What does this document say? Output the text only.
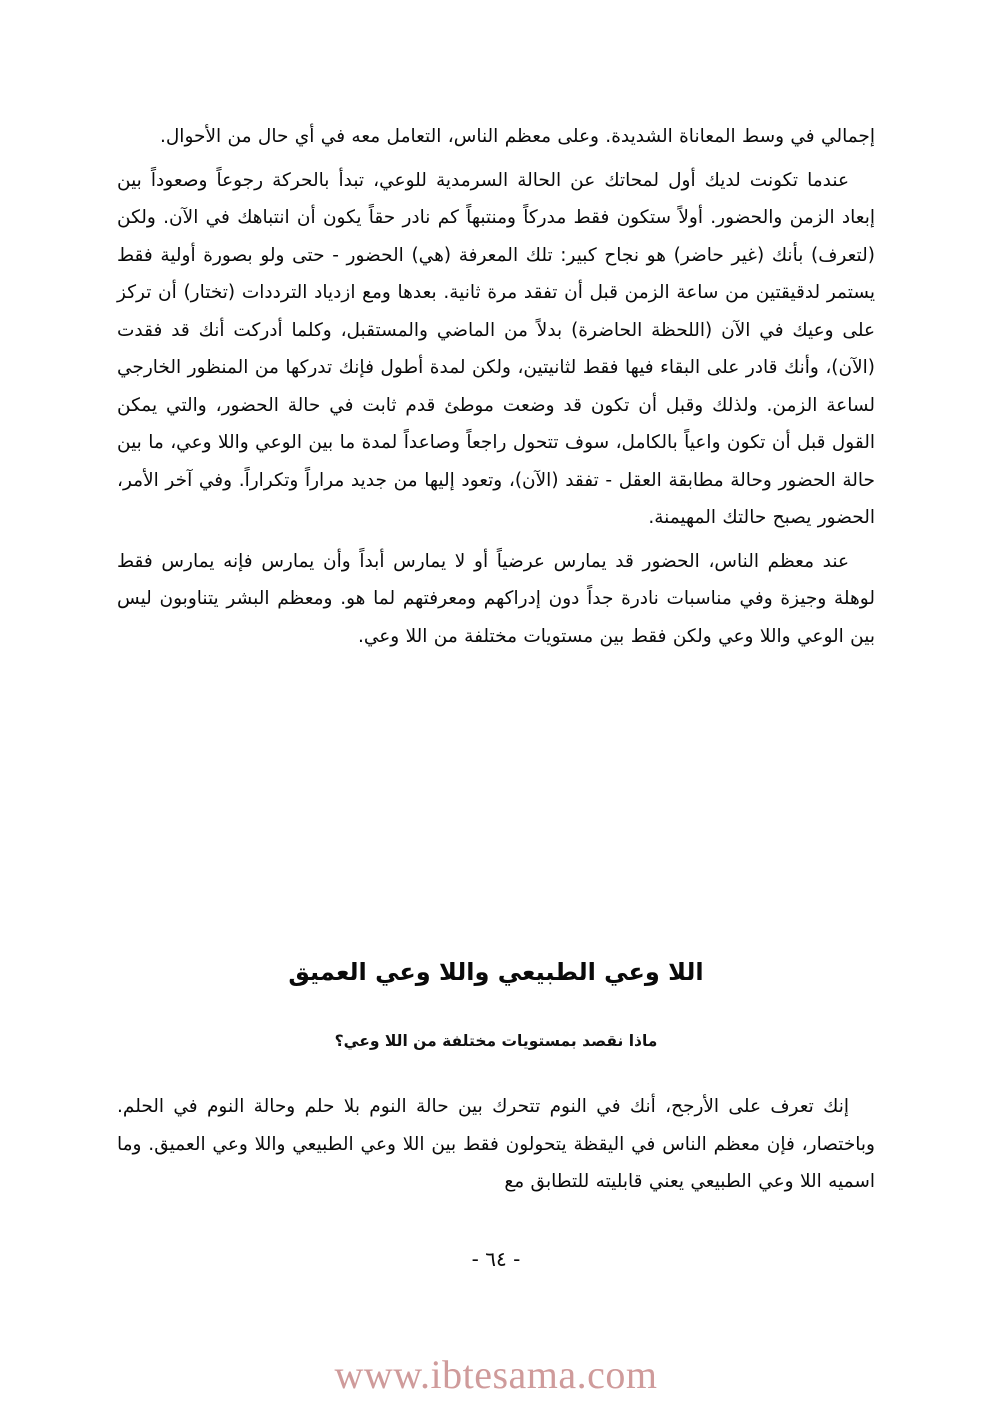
إجمالي في وسط المعاناة الشديدة. وعلى معظم الناس، التعامل معه في أي حال من الأحوال.

عندما تكونت لديك أول لمحاتك عن الحالة السرمدية للوعي، تبدأ بالحركة رجوعاً وصعوداً بين إبعاد الزمن والحضور. أولاً ستكون فقط مدركاً ومنتبهاً كم نادر حقاً يكون أن انتباهك في الآن. ولكن (لتعرف) بأنك (غير حاضر) هو نجاح كبير: تلك المعرفة (هي) الحضور - حتى ولو بصورة أولية فقط يستمر لدقيقتين من ساعة الزمن قبل أن تفقد مرة ثانية. بعدها ومع ازدياد الترددات (تختار) أن تركز على وعيك في الآن (اللحظة الحاضرة) بدلاً من الماضي والمستقبل، وكلما أدركت أنك قد فقدت (الآن)، وأنك قادر على البقاء فيها فقط لثانيتين، ولكن لمدة أطول فإنك تدركها من المنظور الخارجي لساعة الزمن. ولذلك وقبل أن تكون قد وضعت موطئ قدم ثابت في حالة الحضور، والتي يمكن القول قبل أن تكون واعياً بالكامل، سوف تتحول راجعاً وصاعداً لمدة ما بين الوعي واللا وعي، ما بين حالة الحضور وحالة مطابقة العقل - تفقد (الآن)، وتعود إليها من جديد مراراً وتكراراً. وفي آخر الأمر، الحضور يصبح حالتك المهيمنة.

عند معظم الناس، الحضور قد يمارس عرضياً أو لا يمارس أبداً وأن يمارس فإنه يمارس فقط لوهلة وجيزة وفي مناسبات نادرة جداً دون إدراكهم ومعرفتهم لما هو. ومعظم البشر يتناوبون ليس بين الوعي واللا وعي ولكن فقط بين مستويات مختلفة من اللا وعي.

اللا وعي الطبيعي واللا وعي العميق
ماذا نقصد بمستويات مختلفة من اللا وعي؟

إنك تعرف على الأرجح، أنك في النوم تتحرك بين حالة النوم بلا حلم وحالة النوم في الحلم. وباختصار، فإن معظم الناس في اليقظة يتحولون فقط بين اللا وعي الطبيعي واللا وعي العميق. وما اسميه اللا وعي الطبيعي يعني قابليته للتطابق مع

- ٦٤ -
www.ibtesama.com
